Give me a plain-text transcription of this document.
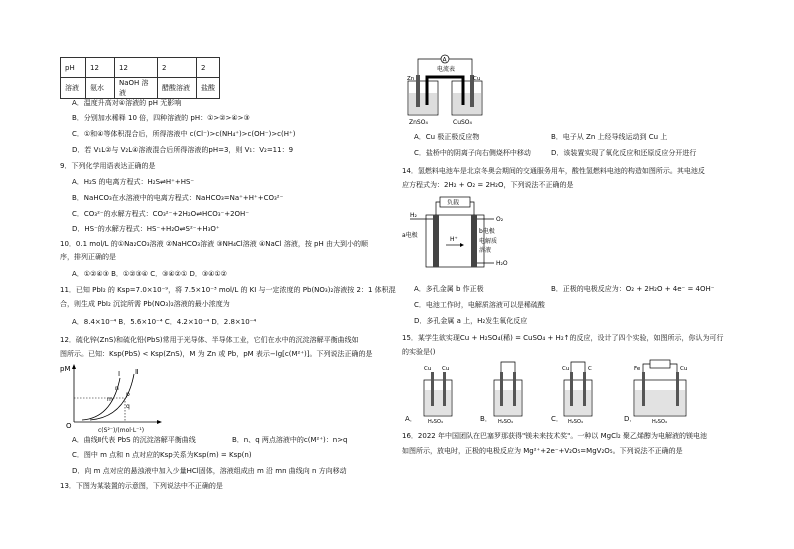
pH	12	12	2	2
溶液	氨水	NaOH 溶液	醋酸溶液	盐酸
A．温度升高对④溶液的 pH 无影响
B．分别加水稀释 10 倍，四种溶液的 pH：①>②>④>③
C．①和④等体积混合后，所得溶液中 c(Cl⁻)>c(NH₄⁺)>c(OH⁻)>c(H⁺)
D．若 V₁L②与 V₂L④溶液混合后所得溶液的pH=3，则 V₁：V₂=11：9
9．下列化学用语表达正确的是
A．H₂S 的电离方程式：H₂S⇌H⁺+HS⁻
B．NaHCO₃在水溶液中的电离方程式：NaHCO₃=Na⁺+H⁺+CO₃²⁻
C．CO₃²⁻的水解方程式：CO₃²⁻+2H₂O⇌HCO₃⁻+2OH⁻
D．HS⁻的水解方程式：HS⁻+H₂O⇌S²⁻+H₃O⁺
10．0.1 mol/L 的①Na₂CO₃溶液 ②NaHCO₃溶液 ③NH₄Cl溶液 ④NaCl 溶液，按 pH 由大到小的顺
序，排列正确的是
A．①②④③ B．①②③④ C．③④②① D．③④①②
11．已知 PbI₂ 的 Ksp=7.0×10⁻⁹，将 7.5×10⁻³ mol/L 的 KI 与一定浓度的 Pb(NO₃)₂溶液按 2：1 体积混
合，则生成 PbI₂ 沉淀所需 Pb(NO₃)₂溶液的最小浓度为
A．8.4×10⁻⁴ B．5.6×10⁻⁴ C．4.2×10⁻⁴ D．2.8×10⁻⁴
12．硫化锌(ZnS)和硫化铅(PbS)常用于光导体、半导体工业，它们在水中的沉淀溶解平衡曲线如
图所示。已知：Ksp(PbS) < Ksp(ZnS)，M 为 Zn 或 Pb，pM 表示−lg[c(M²⁺)]。下列说法正确的是
pM
O
Ⅰ Ⅱ
n
m
p
q
c(S²⁻)/(mol·L⁻¹)
A．曲线Ⅱ代表 PbS 的沉淀溶解平衡曲线	B．n、q 两点溶液中的c(M²⁺)：n>q
C．图中 m 点和 n 点对应的Ksp关系为Ksp(m) = Ksp(n)
D．向 m 点对应的悬浊液中加入少量HCl固体，溶液组成由 m 沿 mn 曲线向 n 方向移动
13．下图为某装置的示意图，下列说法中不正确的是
A
电流表
Zn	Cu
ZnSO₄	CuSO₄
A．Cu 极正极反应物	B．电子从 Zn 上经导线运动到 Cu 上
C．盐桥中的阴离子向右侧烧杯中移动	D．该装置实现了氧化反应和还原反应分开进行
14．氢燃料电池车是北京冬奥会期间的交通服务用车，酸性氢燃料电池的构造如图所示。其电池反
应方程式为：2H₂ + O₂ = 2H₂O，下列说法不正确的是
负载
H₂
O₂
a电极
b电极
H⁺	电解质
溶液
H₂O
A．多孔金属 b 作正极	B．正极的电极反应为：O₂ + 2H₂O + 4e⁻ = 4OH⁻
C．电池工作时，电解质溶液可以是稀硫酸
D．多孔金属 a 上，H₂发生氧化反应
15．某学生欲实现Cu + H₂SO₄(稀) = CuSO₄ + H₂↑的反应，设计了四个实验，如图所示，你认为可行
的实验是()
Cu Cu
H₂SO₄	H₂SO₄
Cu	C
H₂SO₄
Fe	Cu
H₂SO₄
A．	B．	C．	D．
16．2022 年中国团队在巴塞罗那获得"镁未来技术奖"。一种以 MgCl₂ 聚乙烯醇为电解液的镁电池
如图所示，放电时，正极的电极反应为 Mg²⁺+2e⁻+V₂O₅=MgV₂O₅。下列说法不正确的是
